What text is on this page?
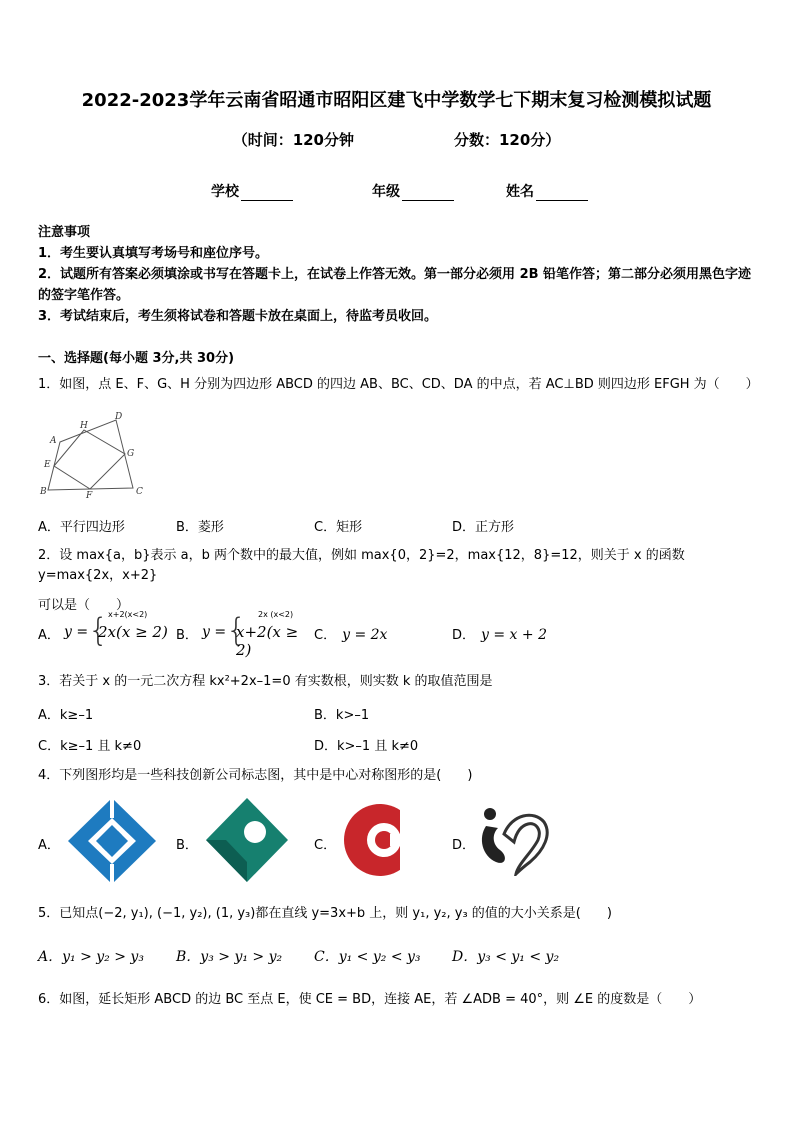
2022-2023学年云南省昭通市昭阳区建飞中学数学七下期末复习检测模拟试题
（时间：120分钟	分数：120分）
学校	年级	姓名
注意事项
1．考生要认真填写考场号和座位序号。
2．试题所有答案必须填涂或书写在答题卡上，在试卷上作答无效。第一部分必须用 2B 铅笔作答；第二部分必须用黑色字迹的签字笔作答。
3．考试结束后，考生须将试卷和答题卡放在桌面上，待监考员收回。
一、选择题(每小题 3分,共 30分)
1．如图，点 E、F、G、H 分别为四边形 ABCD 的四边 AB、BC、CD、DA 的中点，若 AC⊥BD 则四边形 EFGH 为（　　）
A
B	C
D
E
F
G
H
A．平行四边形	B．菱形	C．矩形	D．正方形
2．设 max{a，b}表示 a，b 两个数中的最大值，例如 max{0，2}=2，max{12，8}=12，则关于 x 的函数 y=max{2x，x+2}
可以是（　　）
A． y = { x+2(x<2)
2x(x ≥ 2) B． y = { 2x (x<2)
x+2(x ≥ 2)
C． y = 2x	D． y = x + 2
3．若关于 x 的一元二次方程 kx²+2x–1=0 有实数根，则实数 k 的取值范围是
A．k≥–1	B．k>–1
C．k≥–1 且 k≠0	D．k>–1 且 k≠0
4．下列图形均是一些科技创新公司标志图，其中是中心对称图形的是(　　)
A．	B．	C．	D．
5．已知点(−2, y₁), (−1, y₂), (1, y₃)都在直线 y=3x+b 上，则 y₁, y₂, y₃ 的值的大小关系是(　　)
A．y₁ > y₂ > y₃ B．y₃ > y₁ > y₂ C．y₁ < y₂ < y₃ D．y₃ < y₁ < y₂
6．如图，延长矩形 ABCD 的边 BC 至点 E，使 CE = BD，连接 AE，若 ∠ADB = 40°，则 ∠E 的度数是（　　）
